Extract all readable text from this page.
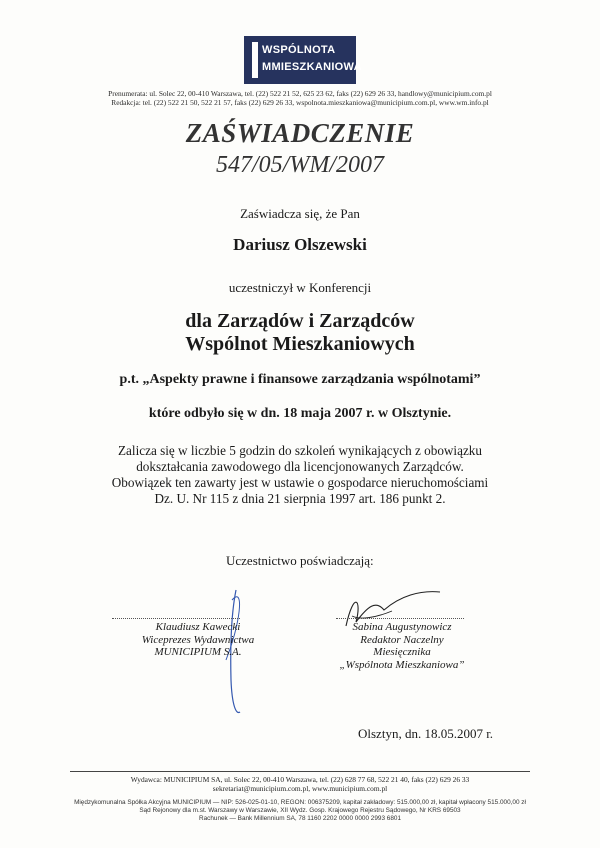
WSPÓLNOTA
MMIESZKANIOWA
Prenumerata: ul. Solec 22, 00-410 Warszawa, tel. (22) 522 21 52, 625 23 62, faks (22) 629 26 33, handlowy@municipium.com.pl
Redakcja: tel. (22) 522 21 50, 522 21 57, faks (22) 629 26 33, wspolnota.mieszkaniowa@municipium.com.pl, www.wm.info.pl
ZAŚWIADCZENIE
547/05/WM/2007
Zaświadcza się, że Pan
Dariusz Olszewski
uczestniczył w Konferencji
dla Zarządów i Zarządców
Wspólnot Mieszkaniowych
p.t. „Aspekty prawne i finansowe zarządzania wspólnotami”
które odbyło się w dn. 18 maja 2007 r. w Olsztynie.
Zalicza się w liczbie 5 godzin do szkoleń wynikających z obowiązku
dokształcania zawodowego dla licencjonowanych Zarządców.
Obowiązek ten zawarty jest w ustawie o gospodarce nieruchomościami
Dz. U. Nr 115 z dnia 21 sierpnia 1997 art. 186 punkt 2.
Uczestnictwo poświadczają:
Klaudiusz Kawecki
Wiceprezes Wydawnictwa
MUNICIPIUM S.A.
Sabina Augustynowicz
Redaktor Naczelny
Miesięcznika
„Wspólnota Mieszkaniowa”
Olsztyn, dn. 18.05.2007 r.
Wydawca: MUNICIPIUM SA, ul. Solec 22, 00-410 Warszawa, tel. (22) 628 77 68, 522 21 40, faks (22) 629 26 33
sekretariat@municipium.com.pl, www.municipium.com.pl
Międzykomunalna Spółka Akcyjna MUNICIPIUM — NIP: 526-025-01-10, REGON: 006375209, kapitał zakładowy: 515.000,00 zł, kapitał wpłacony 515.000,00 zł
Sąd Rejonowy dla m.st. Warszawy w Warszawie, XII Wydz. Gosp. Krajowego Rejestru Sądowego, Nr KRS 69503
Rachunek — Bank Millennium SA, 78 1160 2202 0000 0000 2993 6801
